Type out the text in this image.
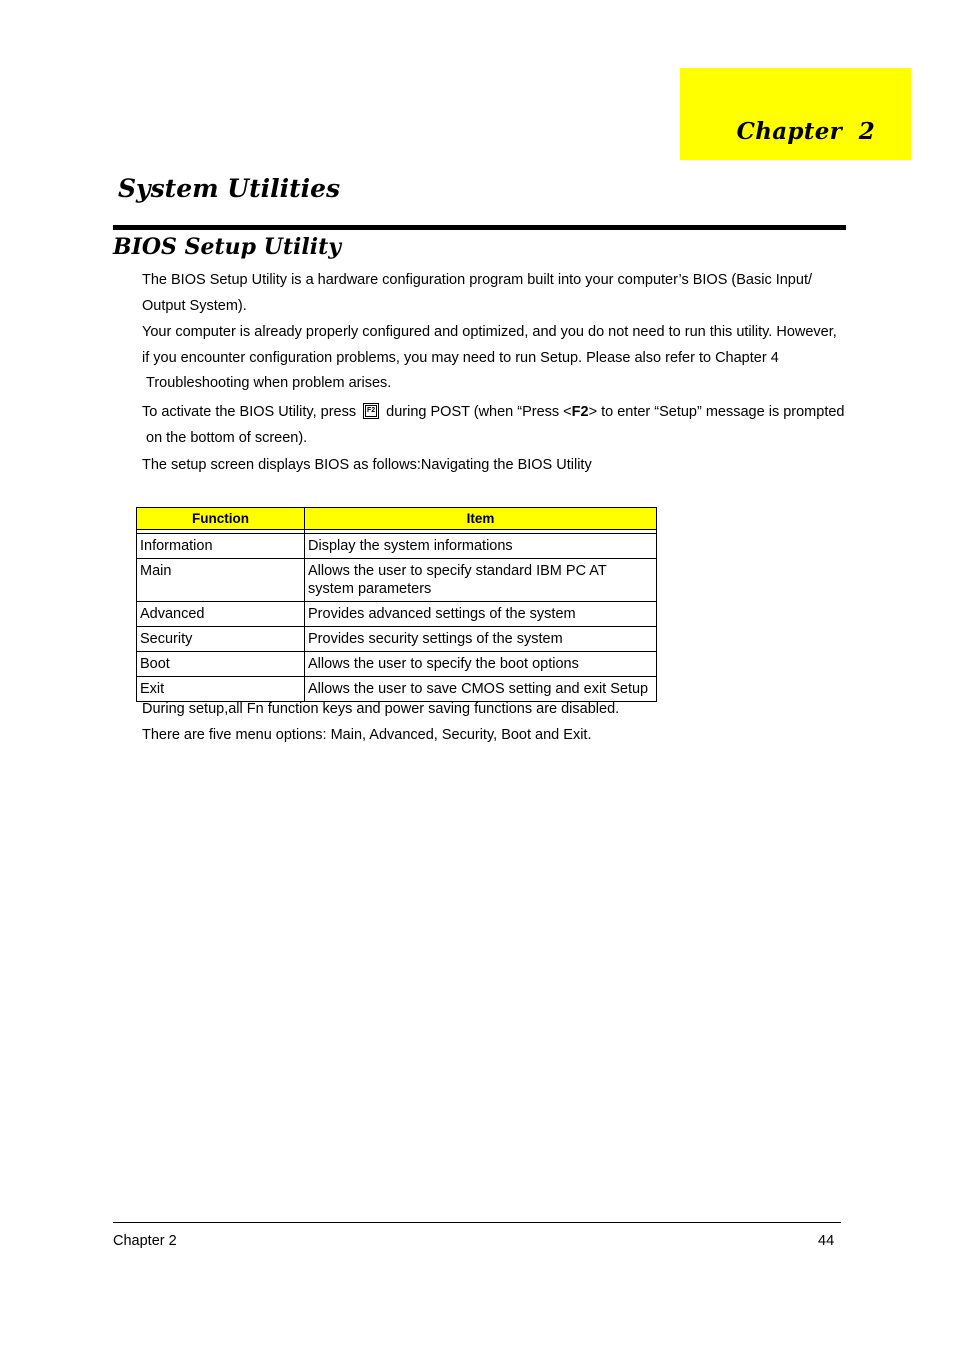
Chapter  2
System Utilities
BIOS Setup Utility

The BIOS Setup Utility is a hardware configuration program built into your computer’s BIOS (Basic Input/
Output System).

Your computer is already properly configured and optimized, and you do not need to run this utility. However,
if you encounter configuration problems, you may need to run Setup. Please also refer to Chapter 4
Troubleshooting when problem arises.

To activate the BIOS Utility, press F2 during POST (when “Press <F2> to enter “Setup” message is prompted
on the bottom of screen).

The setup screen displays BIOS as follows:Navigating the BIOS Utility

Function	Item

Information	Display the system informations
Main	Allows the user to specify standard IBM PC AT system parameters
Advanced	Provides advanced settings of the system
Security	Provides security settings of the system
Boot	Allows the user to specify the boot options
Exit	Allows the user to save CMOS setting and exit Setup

During setup,all Fn function keys and power saving functions are disabled.
There are five menu options: Main, Advanced, Security, Boot and Exit.

Chapter 2	44
